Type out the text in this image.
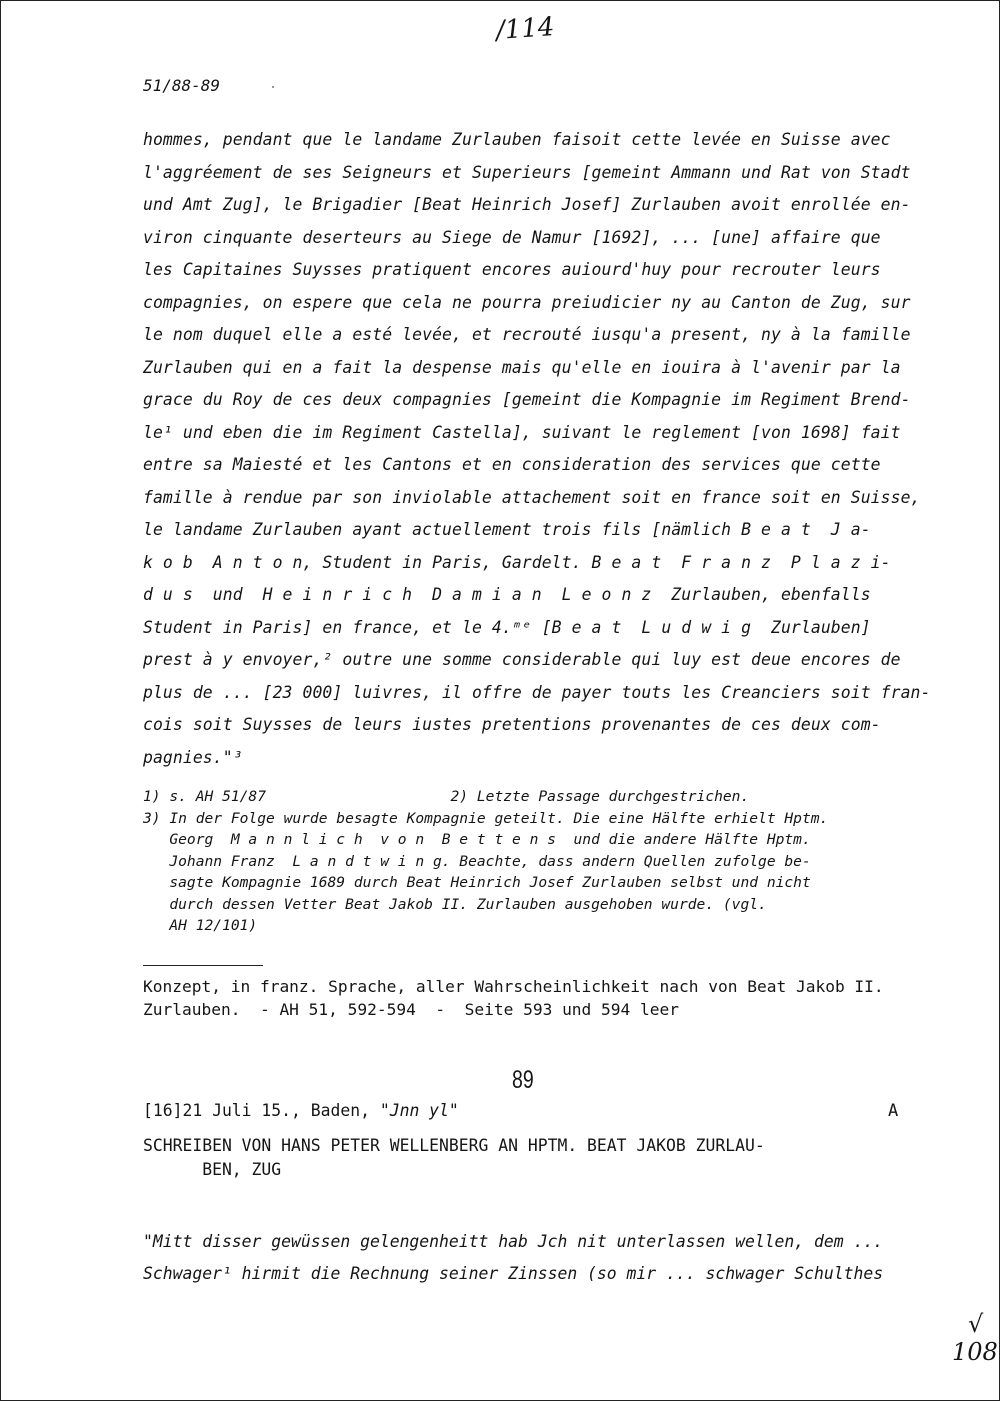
/114
51/88-89
hommes, pendant que le landame Zurlauben faisoit cette levée en Suisse avec
l'aggréement de ses Seigneurs et Superieurs [gemeint Ammann und Rat von Stadt
und Amt Zug], le Brigadier [Beat Heinrich Josef] Zurlauben avoit enrollée en-
viron cinquante deserteurs au Siege de Namur [1692], ... [une] affaire que
les Capitaines Suysses pratiquent encores auiourd'huy pour recrouter leurs
compagnies, on espere que cela ne pourra preiudicier ny au Canton de Zug, sur
le nom duquel elle a esté levée, et recrouté iusqu'a present, ny à la famille
Zurlauben qui en a fait la despense mais qu'elle en iouira à l'avenir par la
grace du Roy de ces deux compagnies [gemeint die Kompagnie im Regiment Brend-
le¹ und eben die im Regiment Castella], suivant le reglement [von 1698] fait
entre sa Maiesté et les Cantons et en consideration des services que cette
famille à rendue par son inviolable attachement soit en france soit en Suisse,
le landame Zurlauben ayant actuellement trois fils [nämlich B e a t  J a-
k o b  A n t o n, Student in Paris, Gardelt. B e a t  F r a n z  P l a z i-
d u s  und  H e i n r i c h  D a m i a n  L e o n z  Zurlauben, ebenfalls
Student in Paris] en france, et le 4.ᵐᵉ [B e a t  L u d w i g  Zurlauben]
prest à y envoyer,² outre une somme considerable qui luy est deue encores de
plus de ... [23 000] luivres, il offre de payer touts les Creanciers soit fran-
cois soit Suysses de leurs iustes pretentions provenantes de ces deux com-
pagnies."³
1) s. AH 51/87                     2) Letzte Passage durchgestrichen.
3) In der Folge wurde besagte Kompagnie geteilt. Die eine Hälfte erhielt Hptm.
Georg  M a n n l i c h  v o n  B e t t e n s  und die andere Hälfte Hptm.
Johann Franz  L a n d t w i n g. Beachte, dass andern Quellen zufolge be-
sagte Kompagnie 1689 durch Beat Heinrich Josef Zurlauben selbst und nicht
durch dessen Vetter Beat Jakob II. Zurlauben ausgehoben wurde. (vgl.
AH 12/101)
Konzept, in franz. Sprache, aller Wahrscheinlichkeit nach von Beat Jakob II.
Zurlauben.  - AH 51, 592-594  -  Seite 593 und 594 leer
89
[16]21 Juli 15., Baden, "Jnn yl"	A
SCHREIBEN VON HANS PETER WELLENBERG AN HPTM. BEAT JAKOB ZURLAU-
BEN, ZUG
"Mitt disser gewüssen gelengenheitt hab Jch nit unterlassen wellen, dem ...
Schwager¹ hirmit die Rechnung seiner Zinssen (so mir ... schwager Schulthes
√
108
